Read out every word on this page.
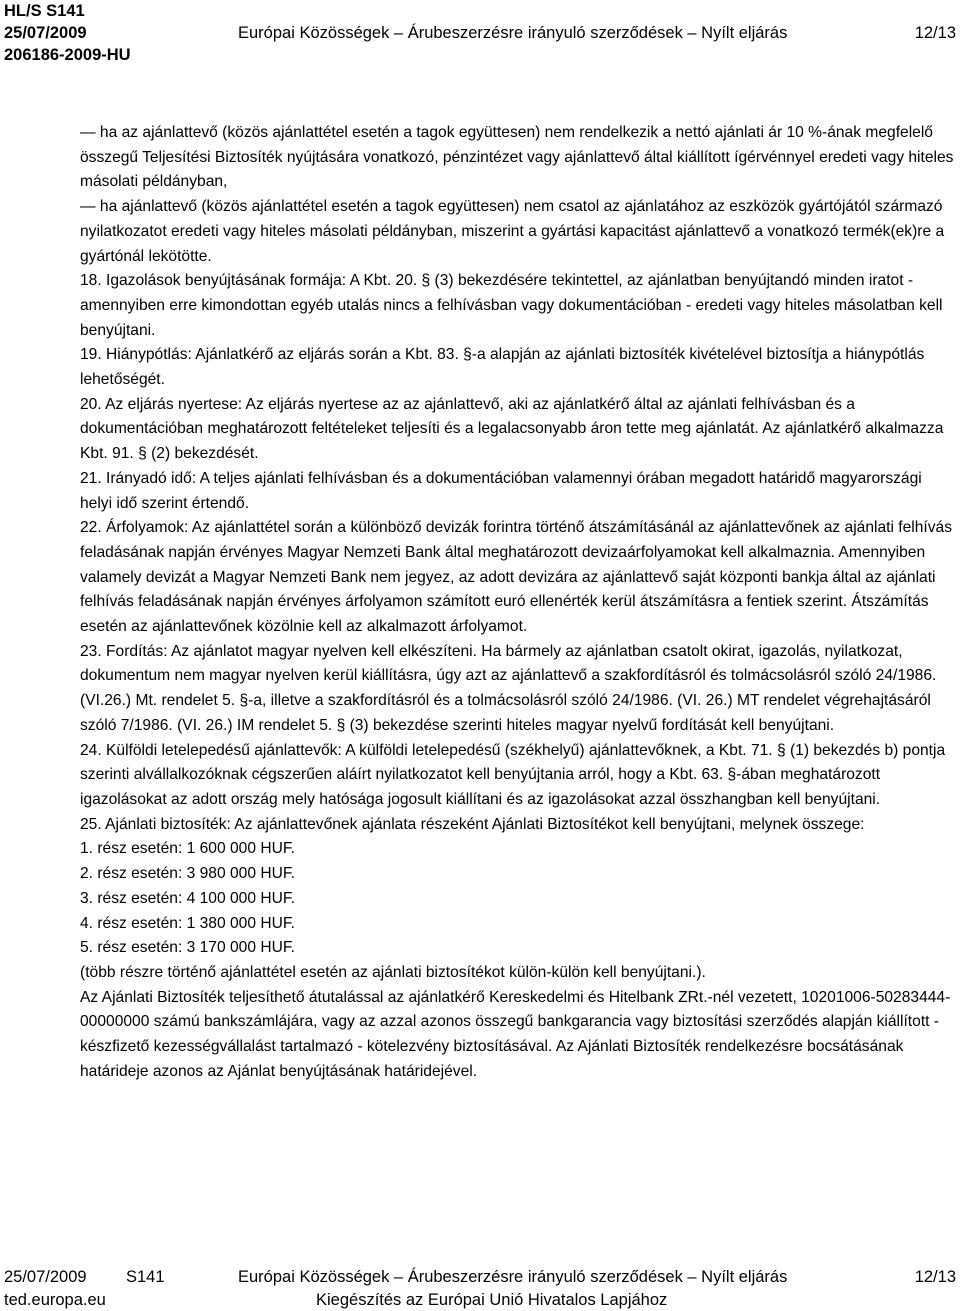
HL/S S141
25/07/2009	Európai Közösségek – Árubeszerzésre irányuló szerződések – Nyílt eljárás	12/13
206186-2009-HU

— ha az ajánlattevő (közös ajánlattétel esetén a tagok együttesen) nem rendelkezik a nettó ajánlati ár 10 %-ának megfelelő összegű Teljesítési Biztosíték nyújtására vonatkozó, pénzintézet vagy ajánlattevő által kiállított ígérvénnyel eredeti vagy hiteles másolati példányban,

— ha ajánlattevő (közös ajánlattétel esetén a tagok együttesen) nem csatol az ajánlatához az eszközök gyártójától származó nyilatkozatot eredeti vagy hiteles másolati példányban, miszerint a gyártási kapacitást ajánlattevő a vonatkozó termék(ek)re a gyártónál lekötötte.

18. Igazolások benyújtásának formája: A Kbt. 20. § (3) bekezdésére tekintettel, az ajánlatban benyújtandó minden iratot - amennyiben erre kimondottan egyéb utalás nincs a felhívásban vagy dokumentációban - eredeti vagy hiteles másolatban kell benyújtani.

19. Hiánypótlás: Ajánlatkérő az eljárás során a Kbt. 83. §-a alapján az ajánlati biztosíték kivételével biztosítja a hiánypótlás lehetőségét.

20. Az eljárás nyertese: Az eljárás nyertese az az ajánlattevő, aki az ajánlatkérő által az ajánlati felhívásban és a dokumentációban meghatározott feltételeket teljesíti és a legalacsonyabb áron tette meg ajánlatát. Az ajánlatkérő alkalmazza Kbt. 91. § (2) bekezdését.

21. Irányadó idő: A teljes ajánlati felhívásban és a dokumentációban valamennyi órában megadott határidő magyarországi helyi idő szerint értendő.

22. Árfolyamok: Az ajánlattétel során a különböző devizák forintra történő átszámításánál az ajánlattevőnek az ajánlati felhívás feladásának napján érvényes Magyar Nemzeti Bank által meghatározott devizaárfolyamokat kell alkalmaznia. Amennyiben valamely devizát a Magyar Nemzeti Bank nem jegyez, az adott devizára az ajánlattevő saját központi bankja által az ajánlati felhívás feladásának napján érvényes árfolyamon számított euró ellenérték kerül átszámításra a fentiek szerint. Átszámítás esetén az ajánlattevőnek közölnie kell az alkalmazott árfolyamot.

23. Fordítás: Az ajánlatot magyar nyelven kell elkészíteni. Ha bármely az ajánlatban csatolt okirat, igazolás, nyilatkozat, dokumentum nem magyar nyelven kerül kiállításra, úgy azt az ajánlattevő a szakfordításról és tolmácsolásról szóló 24/1986. (VI.26.) Mt. rendelet 5. §-a, illetve a szakfordításról és a tolmácsolásról szóló 24/1986. (VI. 26.) MT rendelet végrehajtásáról szóló 7/1986. (VI. 26.) IM rendelet 5. § (3) bekezdése szerinti hiteles magyar nyelvű fordítását kell benyújtani.

24. Külföldi letelepedésű ajánlattevők: A külföldi letelepedésű (székhelyű) ajánlattevőknek, a Kbt. 71. § (1) bekezdés b) pontja szerinti alvállalkozóknak cégszerűen aláírt nyilatkozatot kell benyújtania arról, hogy a Kbt. 63. §-ában meghatározott igazolásokat az adott ország mely hatósága jogosult kiállítani és az igazolásokat azzal összhangban kell benyújtani.

25. Ajánlati biztosíték: Az ajánlattevőnek ajánlata részeként Ajánlati Biztosítékot kell benyújtani, melynek összege:

1. rész esetén: 1 600 000 HUF.

2. rész esetén: 3 980 000 HUF.

3. rész esetén: 4 100 000 HUF.

4. rész esetén: 1 380 000 HUF.

5. rész esetén: 3 170 000 HUF.

(több részre történő ajánlattétel esetén az ajánlati biztosítékot külön-külön kell benyújtani.).

Az Ajánlati Biztosíték teljesíthető átutalással az ajánlatkérő Kereskedelmi és Hitelbank ZRt.-nél vezetett, 10201006-50283444-00000000 számú bankszámlájára, vagy az azzal azonos összegű bankgarancia vagy biztosítási szerződés alapján kiállított - készfizető kezességvállalást tartalmazó - kötelezvény biztosításával. Az Ajánlati Biztosíték rendelkezésre bocsátásának határideje azonos az Ajánlat benyújtásának határidejével.

25/07/2009 S141	Európai Közösségek – Árubeszerzésre irányuló szerződések – Nyílt eljárás	12/13
ted.europa.eu	Kiegészítés az Európai Unió Hivatalos Lapjához
